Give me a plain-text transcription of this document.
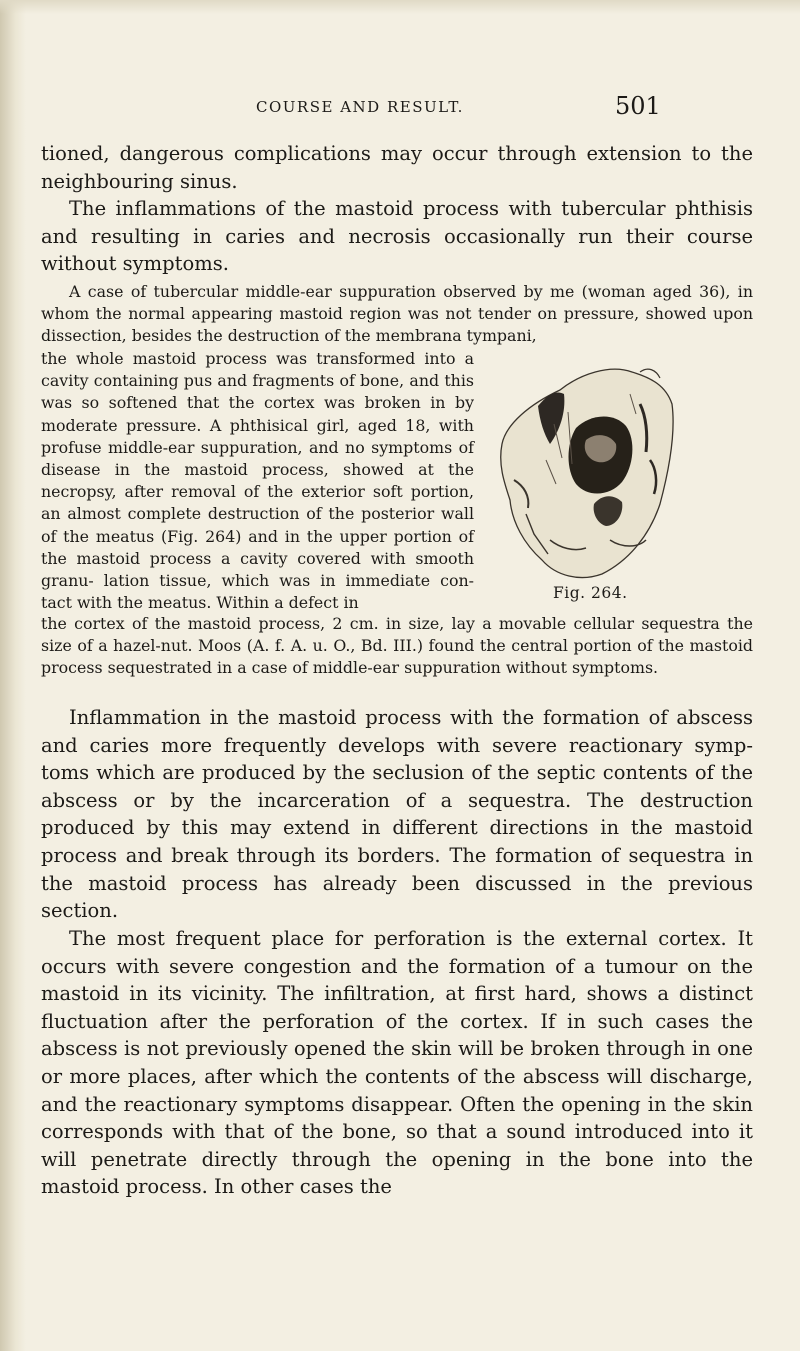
COURSE AND RESULT.	501

tioned, dangerous complications may occur through extension to the neighbouring sinus.

The inflammations of the mastoid process with tubercular phthisis and resulting in caries and necrosis occasionally run their course without symptoms.

A case of tubercular middle-ear suppuration observed by me (woman aged 36), in whom the normal appearing mastoid region was not tender on pressure, showed upon dissection, besides the destruction of the membrana tympani,

the whole mastoid process was transformed into a cavity containing pus and fragments of bone, and this was so softened that the cortex was broken in by moderate pressure. A phthisical girl, aged 18, with profuse middle-ear suppuration, and no symptoms of disease in the mastoid process, showed at the necropsy, after removal of the exterior soft portion, an almost complete destruction of the posterior wall of the meatus (Fig. 264) and in the upper portion of the mastoid process a cavity covered with smooth granu- lation tissue, which was in immediate con- tact with the meatus. Within a defect in

Fig. 264.

the cortex of the mastoid process, 2 cm. in size, lay a movable cellular sequestra the size of a hazel-nut. Moos (A. f. A. u. O., Bd. III.) found the central portion of the mastoid process sequestrated in a case of middle-ear suppuration without symptoms.

Inflammation in the mastoid process with the formation of abscess and caries more frequently develops with severe reactionary symp- toms which are produced by the seclusion of the septic contents of the abscess or by the incarceration of a sequestra. The destruction produced by this may extend in different directions in the mastoid process and break through its borders. The formation of sequestra in the mastoid process has already been discussed in the previous section.

The most frequent place for perforation is the external cortex. It occurs with severe congestion and the formation of a tumour on the mastoid in its vicinity. The infiltration, at first hard, shows a distinct fluctuation after the perforation of the cortex. If in such cases the abscess is not previously opened the skin will be broken through in one or more places, after which the contents of the abscess will discharge, and the reactionary symptoms disappear. Often the opening in the skin corresponds with that of the bone, so that a sound introduced into it will penetrate directly through the opening in the bone into the mastoid process. In other cases the
